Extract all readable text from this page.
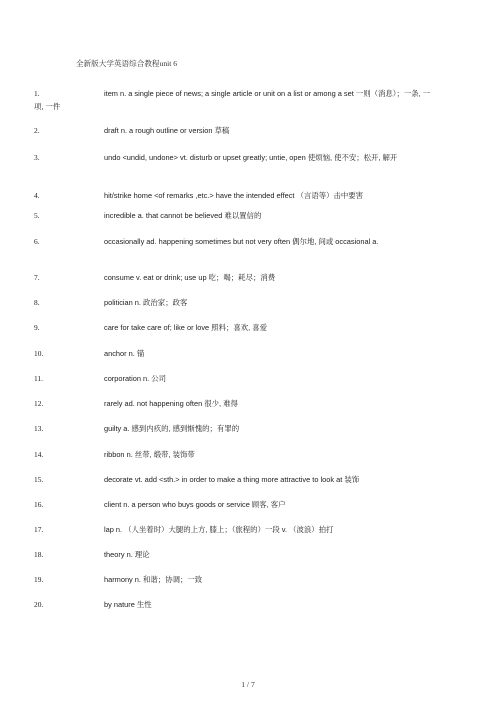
全新版大学英语综合教程unit 6
1.	item n. a single piece of news; a single article or unit on a list or among a set 一则（消息）；一条, 一项, 一件
2.	draft n. a rough outline or version 草稿
3.	undo <undid, undone> vt. disturb or upset greatly; untie, open 使烦恼, 使不安；松开, 解开
4.	hit/strike home <of remarks ,etc.> have the intended effect （言语等）击中要害
5.	incredible a. that cannot be believed 难以置信的
6.	occasionally ad. happening sometimes but not very often 偶尔地, 间或 occasional a.
7.	consume v. eat or drink; use up 吃；喝；耗尽；消费
8.	politician n. 政治家；政客
9.	care for take care of; like or love 照料；喜欢, 喜爱
10.	anchor n. 锚
11.	corporation n. 公司
12.	rarely ad. not happening often 很少, 难得
13.	guilty a. 感到内疚的, 感到惭愧的；有罪的
14.	ribbon n. 丝带, 缎带, 装饰带
15.	decorate vt. add <sth.> in order to make a thing more attractive to look at 装饰
16.	client n. a person who buys goods or service 顾客, 客户
17.	lap n. （人坐着时）大腿的上方, 膝上；（旅程的）一段 v. （波浪）拍打
18.	theory n. 理论
19.	harmony n. 和谐；协调；一致
20.	by nature 生性
1 / 7
